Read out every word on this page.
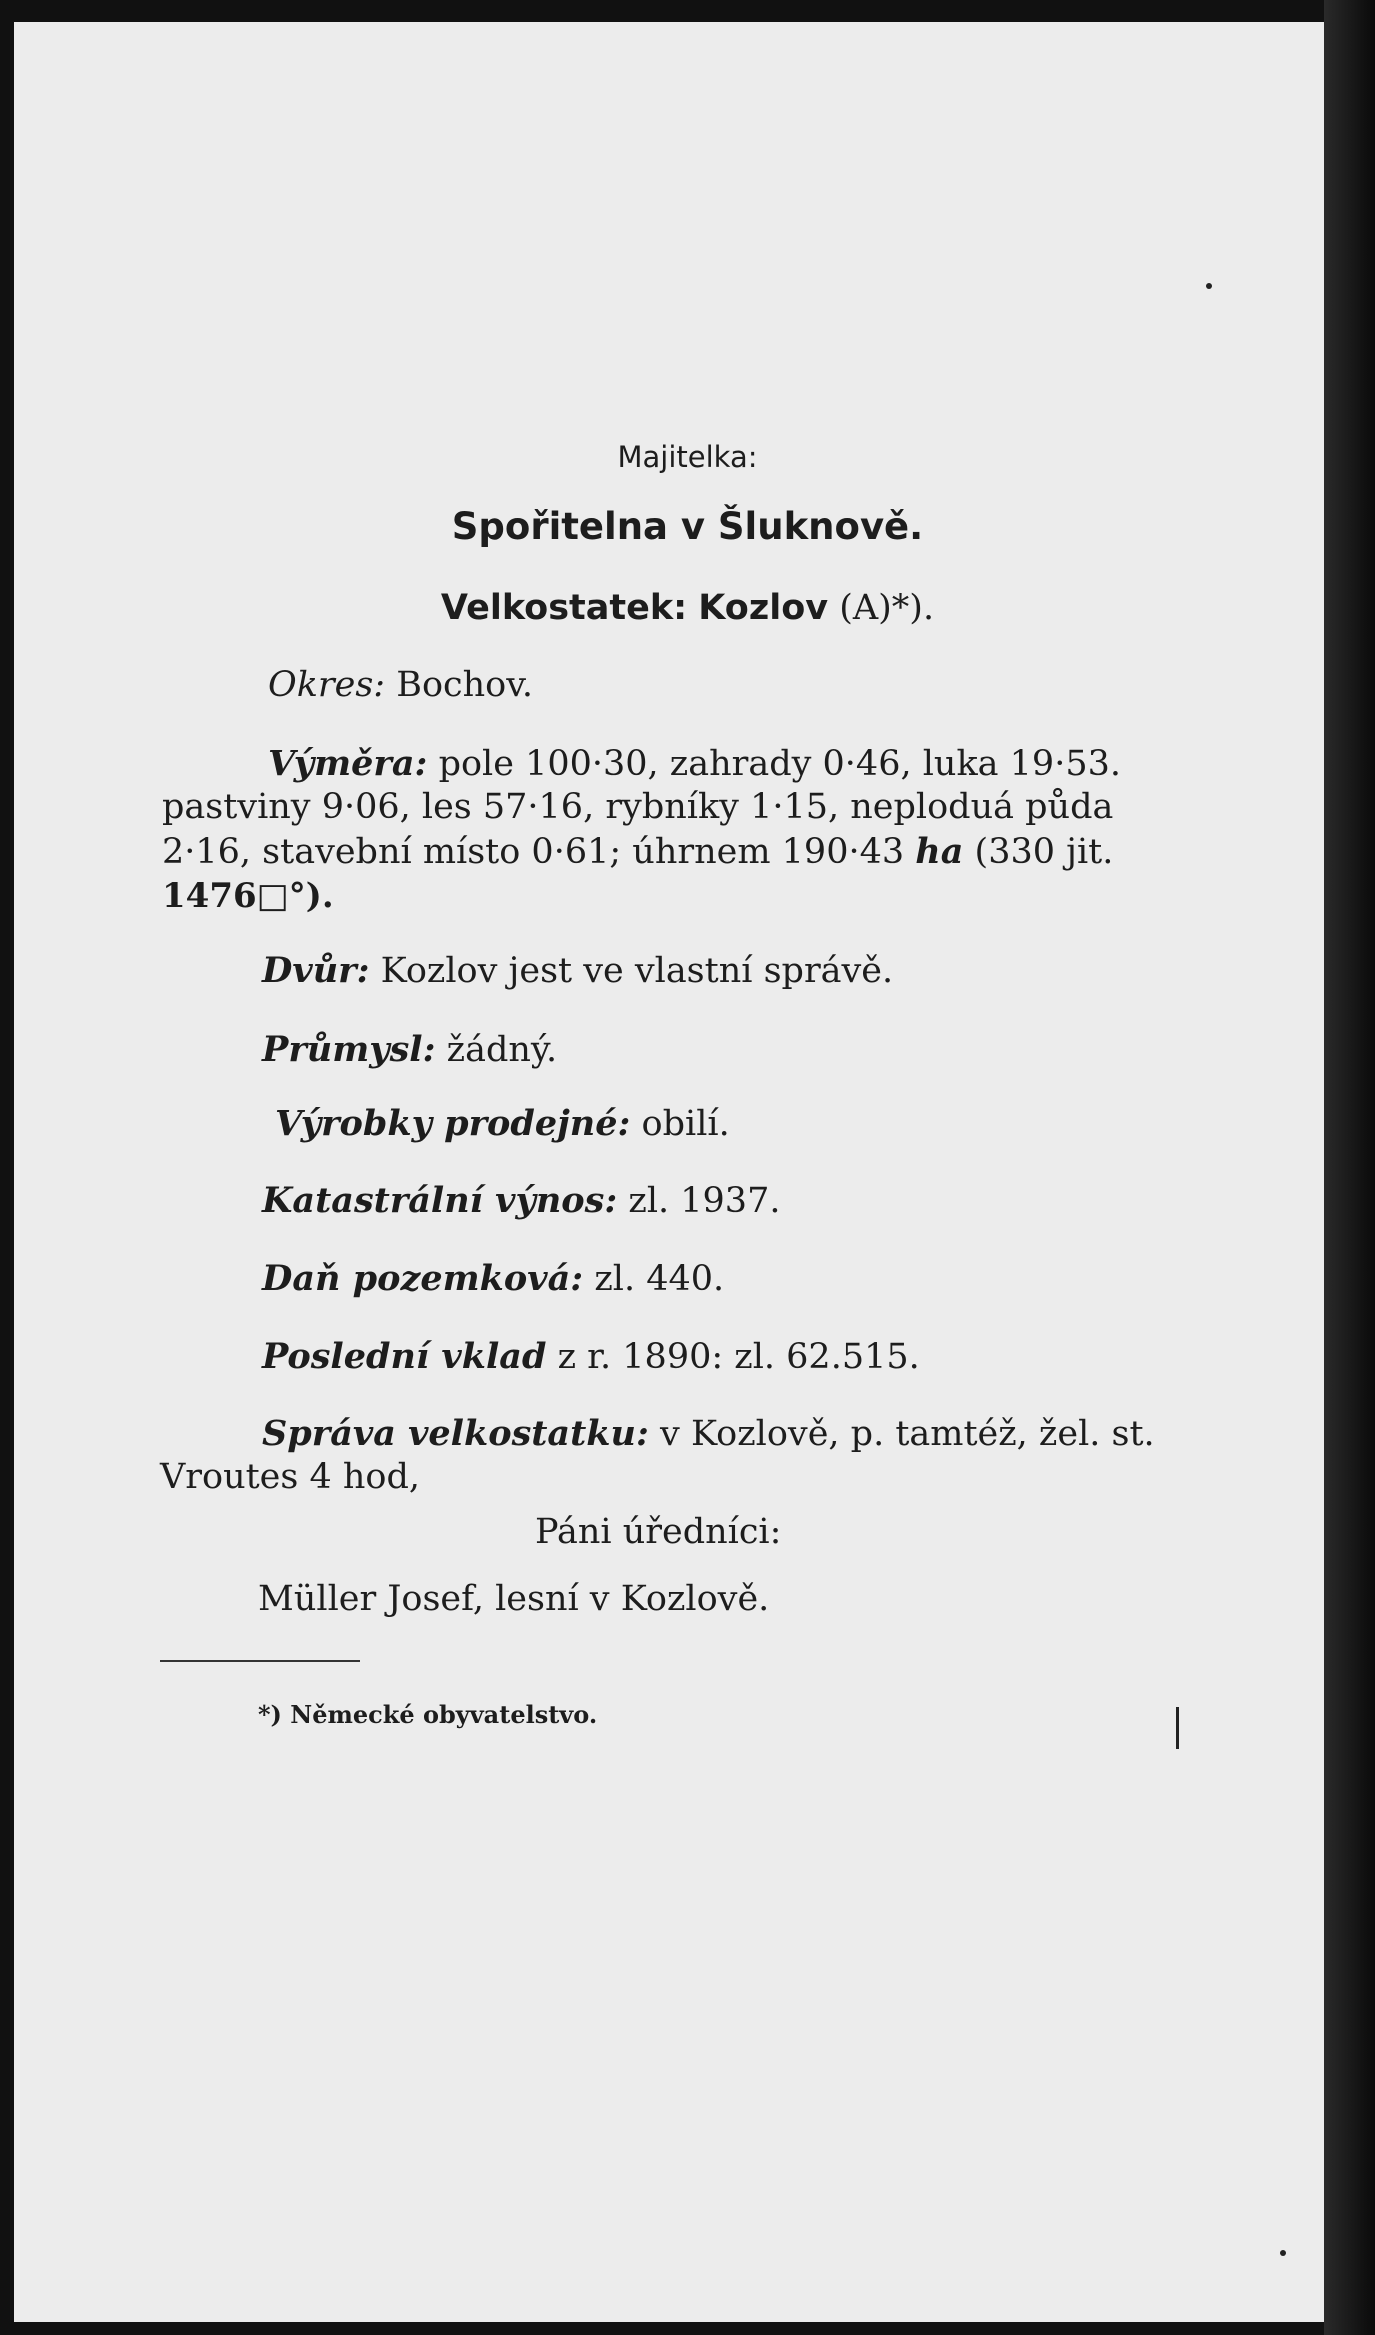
Majitelka:
Spořitelna v Šluknově.
Velkostatek: Kozlov (A)*).
Okres: Bochov.
Výměra: pole 100·30, zahrady 0·46, luka 19·53.
pastviny 9·06, les 57·16, rybníky 1·15, neploduá půda
2·16, stavební místo 0·61; úhrnem 190·43 ha (330 jit.
1476□°).
Dvůr: Kozlov jest ve vlastní správě.
Průmysl: žádný.
Výrobky prodejné: obilí.
Katastrální výnos: zl. 1937.
Daň pozemková: zl. 440.
Poslední vklad z r. 1890: zl. 62.515.
Správa velkostatku: v Kozlově, p. tamtéž, žel. st.
Vroutes 4 hod,
Páni úředníci:
Müller Josef, lesní v Kozlově.
*) Německé obyvatelstvo.
